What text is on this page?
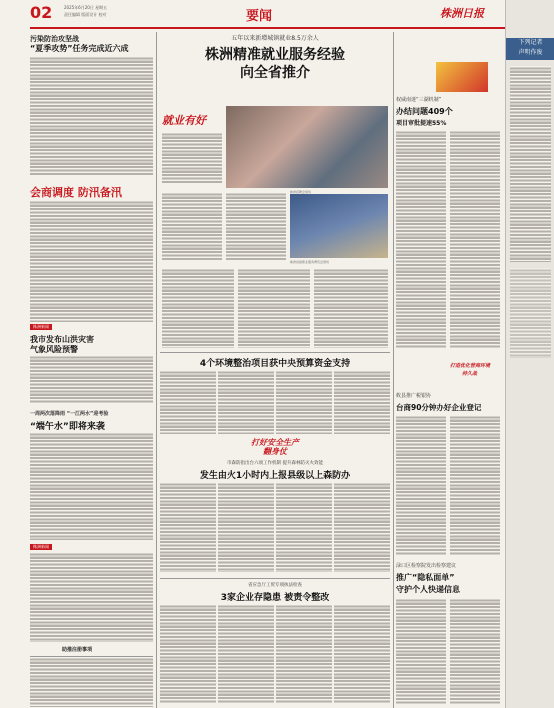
02	2025年6月20日 星期五
责任编辑 版面设计 校对	要闻	株洲日报
下列记者
声明作废
污染防治攻坚战
“夏季攻势”任务完成近六成
会商调度 防汛备汛
株洲新闻
我市发布山洪灾害
气象风险预警
一周两次落降雨 “一江两水”迎考验
“端午水”即将来袭
株洲新闻
助推注册事项
五年以来新增城镇就业8.5万余人
株洲精准就业服务经验
向全省推介
就业有好
株洲招聘会现场
株洲首届职业服务博览会现场
权威南迷“三湖机制”
办结问题409个
项目审批提速55%
打造优化营商环境
持久战
攸县推广税银协
台商90分钟办好企业登记
渌口区检察院发出检察建议
推广“隐私面单”
守护个人快递信息
4个环境整治项目获中央预算资金支持
打好安全生产
翻身仗
市森防指出台六项工作机制 提升森林防灭火效能
发生由火1小时内上报县级以上森防办
省应急厅工贸专项执法检查
3家企业存隐患 被责令整改
